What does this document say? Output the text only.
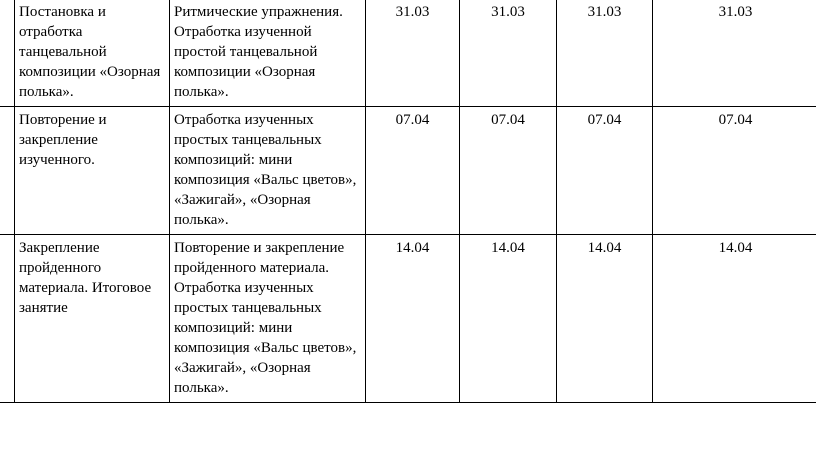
	Постановка и отработка танцевальной композиции «Озорная полька».	Ритмические упражнения. Отработка изученной простой танцевальной композиции «Озорная полька».	31.03	31.03	31.03	31.03
	Повторение и закрепление изученного.	Отработка изученных простых танцевальных композиций: мини композиция «Вальс цветов», «Зажигай», «Озорная полька».	07.04	07.04	07.04	07.04
	Закрепление пройденного материала. Итоговое занятие	Повторение и закрепление пройденного материала. Отработка изученных простых танцевальных композиций: мини композиция «Вальс цветов», «Зажигай», «Озорная полька».	14.04	14.04	14.04	14.04
